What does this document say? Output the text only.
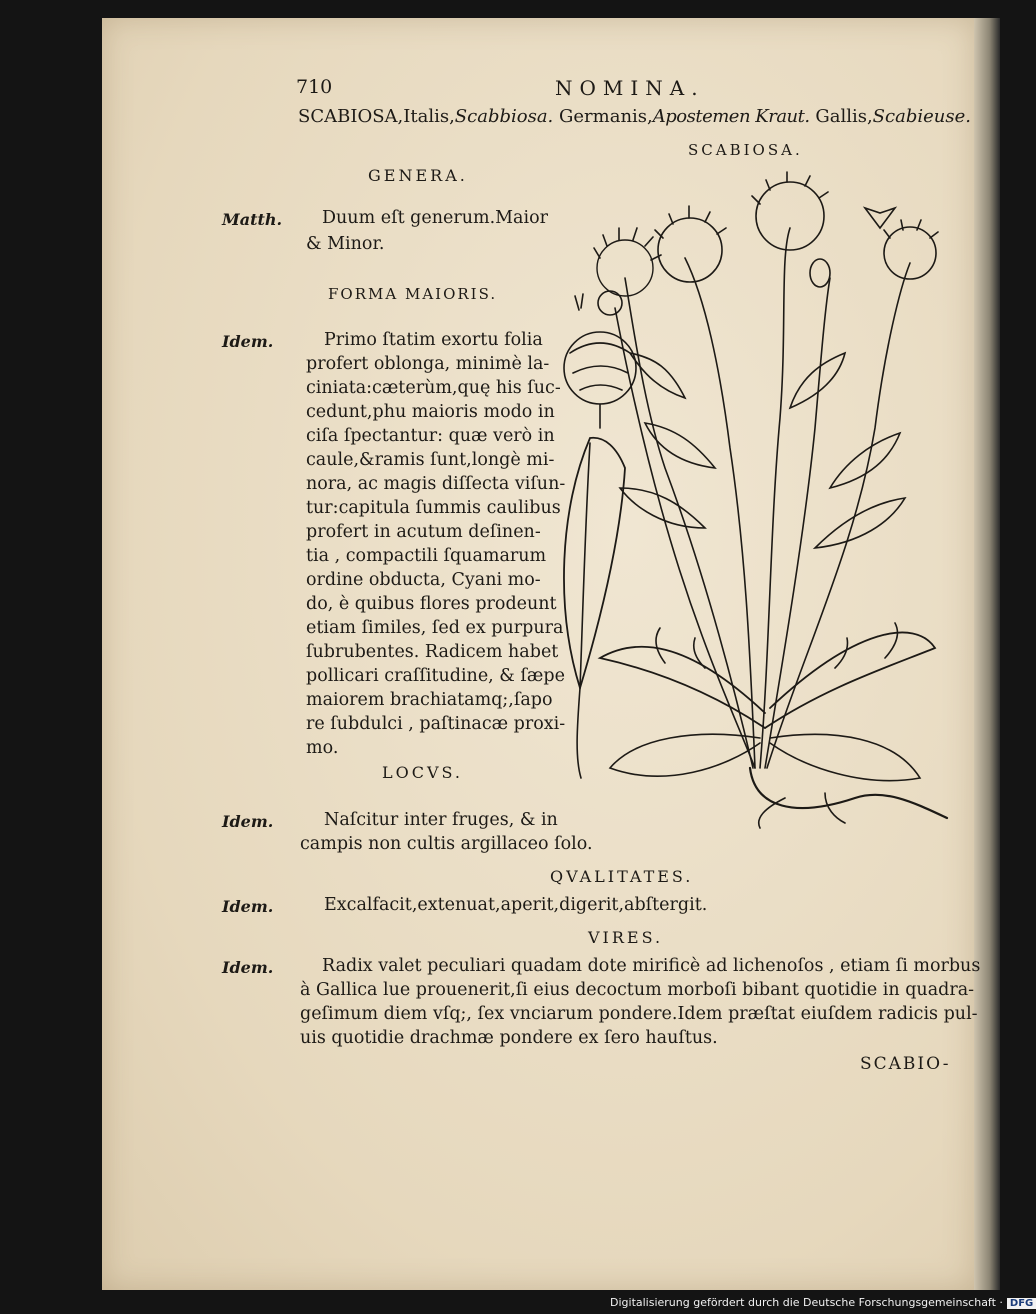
710	NOMINA.
SCABIOSA,Italis,Scabbiosa. Germanis,Apostemen Kraut. Gallis,Scabieuse.
SCABIOSA.
GENERA.
Matth. Duum eſt generum.Maior
& Minor.
FORMA MAIORIS.
Idem.	Primo ſtatim exortu folia
profert oblonga, minimè la-
ciniata:cæterùm,quę his ſuc-
cedunt,phu maioris modo in
ciſa ſpectantur: quæ verò in
caule,&ramis ſunt,longè mi-
nora, ac magis diſſecta viſun-
tur:capitula ſummis caulibus
profert in acutum deſinen-
tia , compactili ſquamarum
ordine obducta, Cyani mo-
do, è quibus flores prodeunt
etiam ſimiles, ſed ex purpura
ſubrubentes. Radicem habet
pollicari craſſitudine, & ſæpe
maiorem brachiatamq;,ſapo
re ſubdulci , paſtinacæ proxi-
mo.
LOCVS.
Idem.	Naſcitur inter fruges, & in
campis non cultis argillaceo ſolo.
QVALITATES.
Idem.	Excalfacit,extenuat,aperit,digerit,abſtergit.
VIRES.
Idem.	Radix valet peculiari quadam dote mirificè ad lichenoſos , etiam ſi morbus
à Gallica lue prouenerit,ſi eius decoctum morboſi bibant quotidie in quadra-
geſimum diem vſq;, ſex vnciarum pondere.Idem præſtat eiuſdem radicis pul-
uis quotidie drachmæ pondere ex ſero hauſtus.
SCABIO-
Digitalisierung gefördert durch die Deutsche Forschungsgemeinschaft · DFG
